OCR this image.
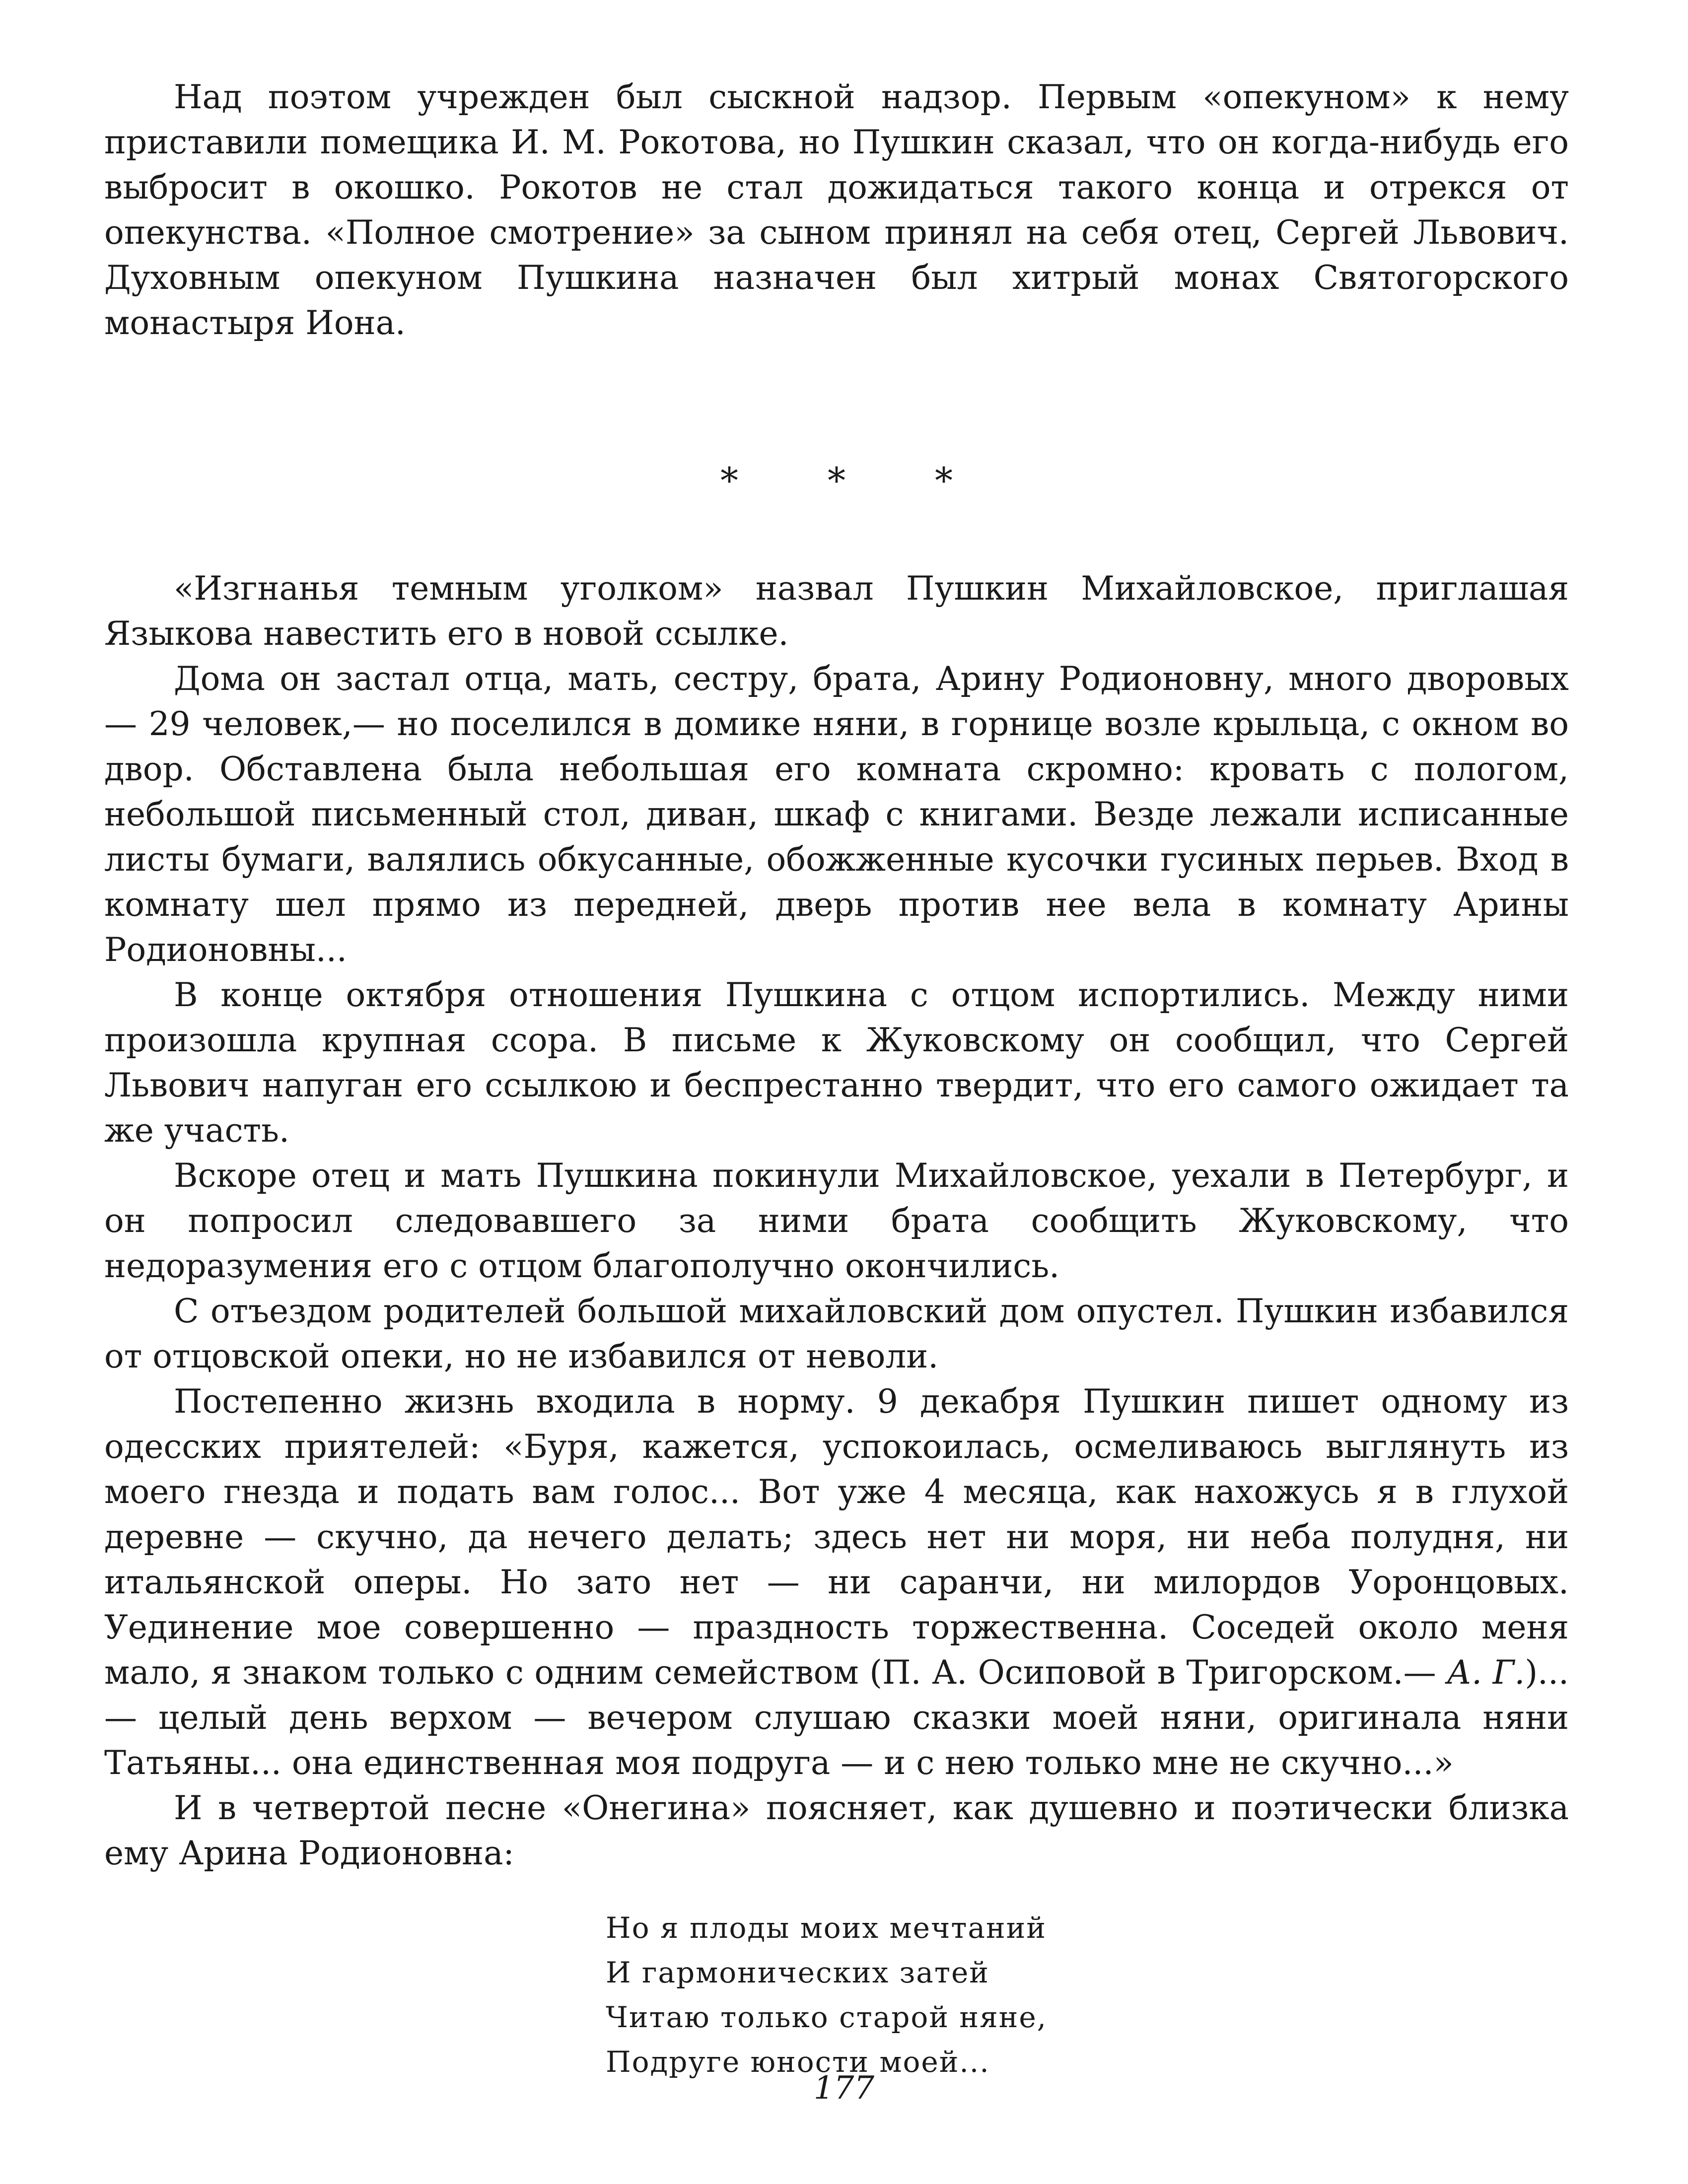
Над поэтом учрежден был сыскной надзор. Первым «опекуном» к нему приставили помещика И. М. Рокотова, но Пушкин сказал, что он когда-нибудь его выбросит в окошко. Рокотов не стал дожидаться такого конца и отрекся от опекунства. «Полное смотрение» за сыном принял на себя отец, Сергей Львович. Духовным опекуном Пушкина назначен был хитрый монах Святогорского монастыря Иона.

*	*	*

«Изгнанья темным уголком» назвал Пушкин Михайловское, приглашая Языкова навестить его в новой ссылке.

Дома он застал отца, мать, сестру, брата, Арину Родионовну, много дворовых — 29 человек,— но поселился в домике няни, в горнице возле крыльца, с окном во двор. Обставлена была небольшая его комната скромно: кровать с пологом, небольшой письменный стол, диван, шкаф с книгами. Везде лежали исписанные листы бумаги, валялись обкусанные, обожженные кусочки гусиных перьев. Вход в комнату шел прямо из передней, дверь против нее вела в комнату Арины Родионовны...

В конце октября отношения Пушкина с отцом испортились. Между ними произошла крупная ссора. В письме к Жуковскому он сообщил, что Сергей Львович напуган его ссылкою и беспрестанно твердит, что его самого ожидает та же участь.

Вскоре отец и мать Пушкина покинули Михайловское, уехали в Петербург, и он попросил следовавшего за ними брата сообщить Жуковскому, что недоразумения его с отцом благополучно окончились.

С отъездом родителей большой михайловский дом опустел. Пушкин избавился от отцовской опеки, но не избавился от неволи.

Постепенно жизнь входила в норму. 9 декабря Пушкин пишет одному из одесских приятелей: «Буря, кажется, успокоилась, осмеливаюсь выглянуть из моего гнезда и подать вам голос... Вот уже 4 месяца, как нахожусь я в глухой деревне — скучно, да нечего делать; здесь нет ни моря, ни неба полудня, ни итальянской оперы. Но зато нет — ни саранчи, ни милордов Уоронцовых. Уединение мое совершенно — праздность торжественна. Соседей около меня мало, я знаком только с одним семейством (П. А. Осиповой в Тригорском.— А. Г.)...— целый день верхом — вечером слушаю сказки моей няни, оригинала няни Татьяны... она единственная моя подруга — и с нею только мне не скучно...»

И в четвертой песне «Онегина» поясняет, как душевно и поэтически близка ему Арина Родионовна:

Но я плоды моих мечтаний
И гармонических затей
Читаю только старой няне,
Подруге юности моей...
177
